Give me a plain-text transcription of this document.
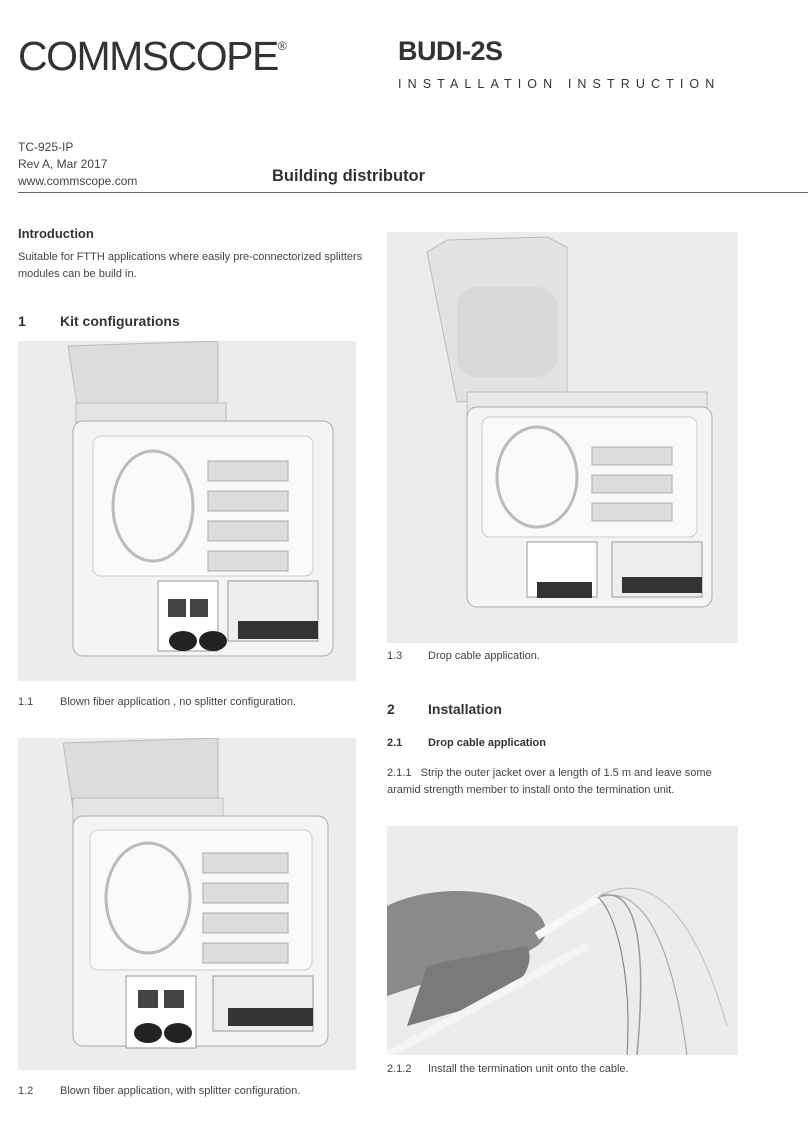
COMMSCOPE®	BUDI-2S
INSTALLATION INSTRUCTION
TC-925-IP
Rev A, Mar 2017
www.commscope.com	Building distributor
Introduction
Suitable for FTTH applications where easily pre-connectorized splitters modules can be build in.
1 Kit configurations
1.1 Blown fiber application , no splitter configuration.
1.2 Blown fiber application, with splitter configuration.
1.3 Drop cable application.
2 Installation
2.1 Drop cable application
2.1.1 Strip the outer jacket over a length of 1.5 m and leave some aramid strength member to install onto the termination unit.
2.1.2 Install the termination unit onto the cable.
